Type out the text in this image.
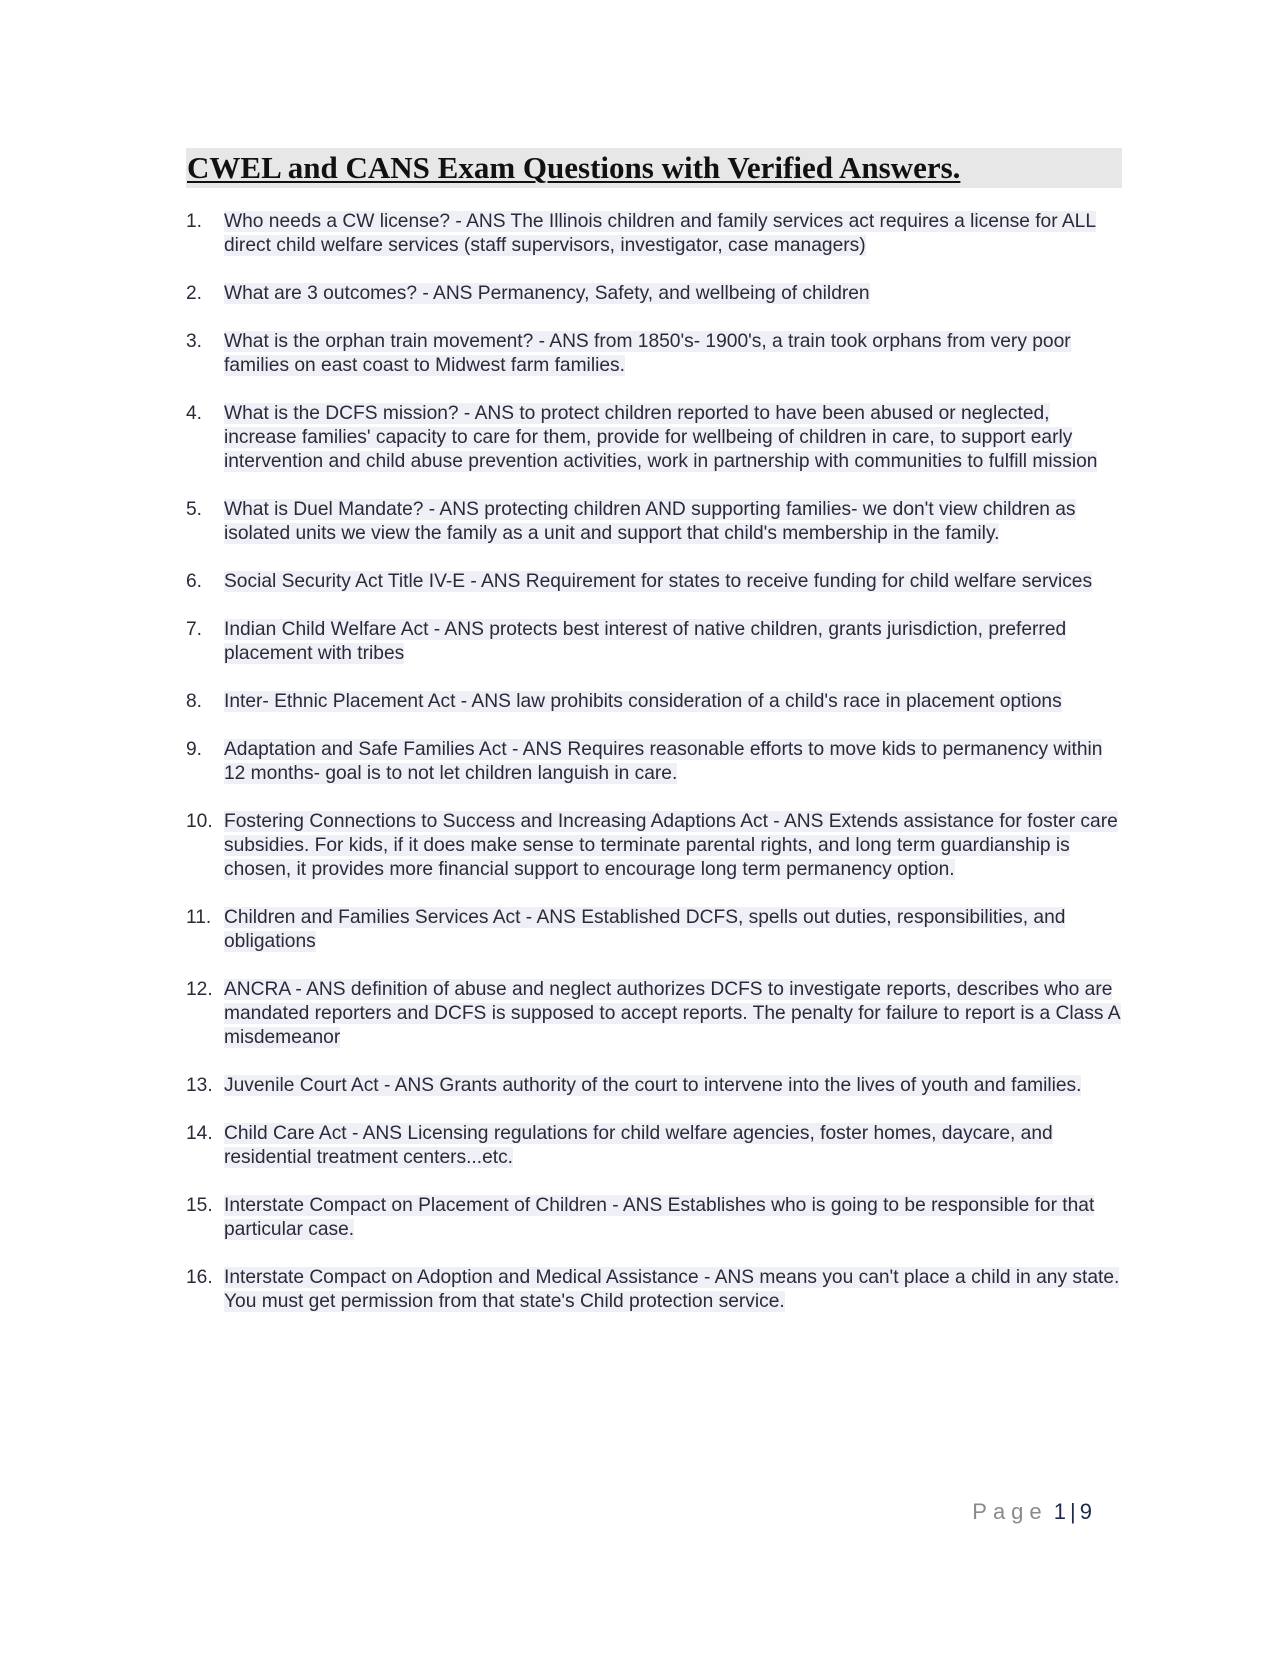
CWEL and CANS Exam Questions with Verified Answers.
1.	Who needs a CW license? - ANS The Illinois children and family services act requires a license for ALL direct child welfare services (staff supervisors, investigator, case managers)
2.	What are 3 outcomes? - ANS Permanency, Safety, and wellbeing of children
3.	What is the orphan train movement? - ANS from 1850's- 1900's, a train took orphans from very poor families on east coast to Midwest farm families.
4.	What is the DCFS mission? - ANS to protect children reported to have been abused or neglected, increase families' capacity to care for them, provide for wellbeing of children in care, to support early intervention and child abuse prevention activities, work in partnership with communities to fulfill mission
5.	What is Duel Mandate? - ANS protecting children AND supporting families- we don't view children as isolated units we view the family as a unit and support that child's membership in the family.
6.	Social Security Act Title IV-E - ANS Requirement for states to receive funding for child welfare services
7.	Indian Child Welfare Act - ANS protects best interest of native children, grants jurisdiction, preferred placement with tribes
8.	Inter- Ethnic Placement Act - ANS law prohibits consideration of a child's race in placement options
9.	Adaptation and Safe Families Act - ANS Requires reasonable efforts to move kids to permanency within 12 months- goal is to not let children languish in care.
10. Fostering Connections to Success and Increasing Adaptions Act - ANS Extends assistance for foster care subsidies. For kids, if it does make sense to terminate parental rights, and long term guardianship is chosen, it provides more financial support to encourage long term permanency option.
11. Children and Families Services Act - ANS Established DCFS, spells out duties, responsibilities, and obligations
12. ANCRA - ANS definition of abuse and neglect authorizes DCFS to investigate reports, describes who are mandated reporters and DCFS is supposed to accept reports. The penalty for failure to report is a Class A misdemeanor
13. Juvenile Court Act - ANS Grants authority of the court to intervene into the lives of youth and families.
14. Child Care Act - ANS Licensing regulations for child welfare agencies, foster homes, daycare, and residential treatment centers...etc.
15. Interstate Compact on Placement of Children - ANS Establishes who is going to be responsible for that particular case.
16. Interstate Compact on Adoption and Medical Assistance - ANS means you can't place a child in any state. You must get permission from that state's Child protection service.
Page 1 | 9
